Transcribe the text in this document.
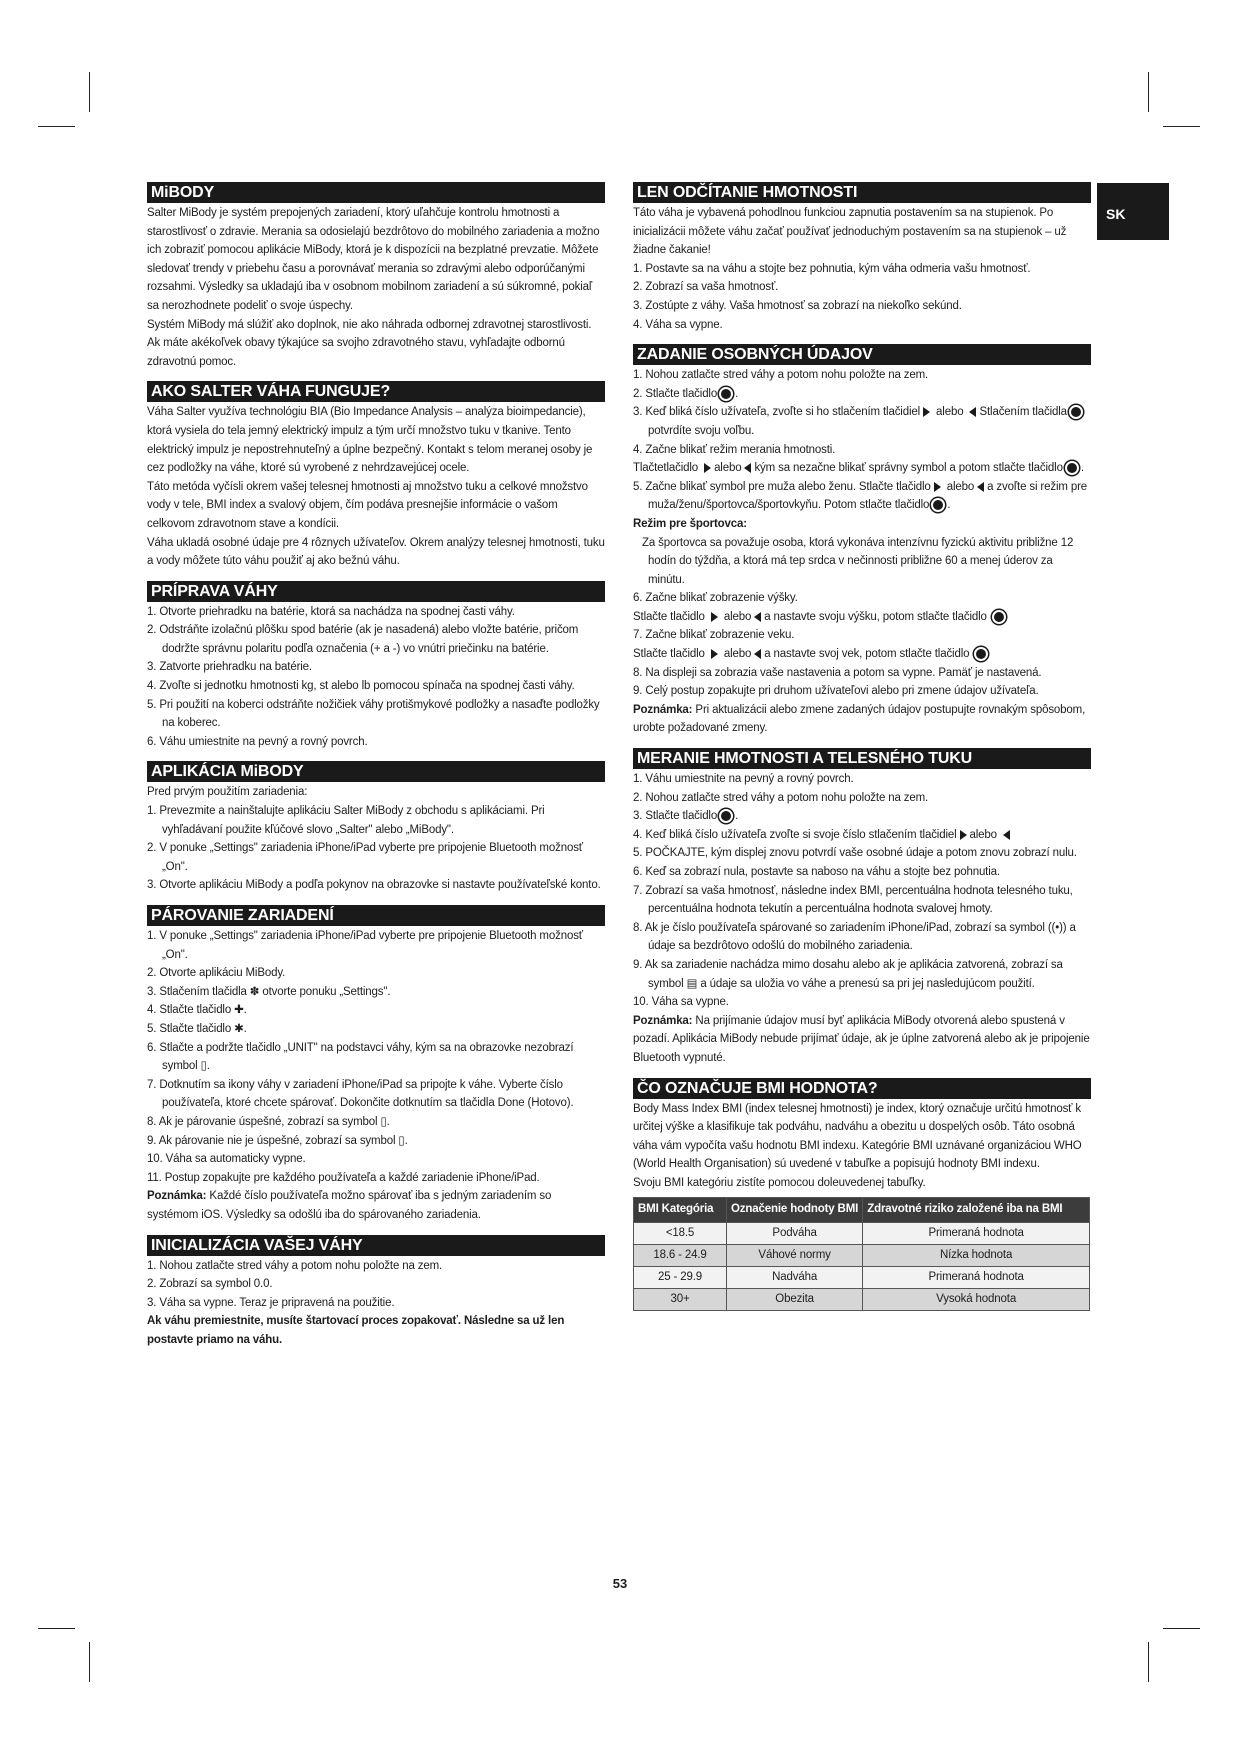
SK
MiBODY

Salter MiBody je systém prepojených zariadení, ktorý uľahčuje kontrolu hmotnosti a starostlivosť o zdravie. Merania sa odosielajú bezdrôtovo do mobilného zariadenia a možno ich zobraziť pomocou aplikácie MiBody, ktorá je k dispozícii na bezplatné prevzatie. Môžete sledovať trendy v priebehu času a porovnávať merania so zdravými alebo odporúčanými rozsahmi. Výsledky sa ukladajú iba v osobnom mobilnom zariadení a sú súkromné, pokiaľ sa nerozhodnete podeliť o svoje úspechy.

Systém MiBody má slúžiť ako doplnok, nie ako náhrada odbornej zdravotnej starostlivosti. Ak máte akékoľvek obavy týkajúce sa svojho zdravotného stavu, vyhľadajte odbornú zdravotnú pomoc.

AKO SALTER VÁHA FUNGUJE?

Váha Salter využíva technológiu BIA (Bio Impedance Analysis – analýza bioimpedancie), ktorá vysiela do tela jemný elektrický impulz a tým určí množstvo tuku v tkanive. Tento elektrický impulz je nepostrehnuteľný a úplne bezpečný. Kontakt s telom meranej osoby je cez podložky na váhe, ktoré sú vyrobené z nehrdzavejúcej ocele.

Táto metóda vyčísli okrem vašej telesnej hmotnosti aj množstvo tuku a celkové množstvo vody v tele, BMI index a svalový objem, čím podáva presnejšie informácie o vašom celkovom zdravotnom stave a kondícii.

Váha ukladá osobné údaje pre 4 rôznych užívateľov. Okrem analýzy telesnej hmotnosti, tuku a vody môžete túto váhu použiť aj ako bežnú váhu.

PRÍPRAVA VÁHY
1. Otvorte priehradku na batérie, ktorá sa nachádza na spodnej časti váhy.
2. Odstráňte izolačnú plôšku spod batérie (ak je nasadená) alebo vložte batérie, pričom dodržte správnu polaritu podľa označenia (+ a -) vo vnútri priečinku na batérie.
3. Zatvorte priehradku na batérie.
4. Zvoľte si jednotku hmotnosti kg, st alebo lb pomocou spínača na spodnej časti váhy.
5. Pri použití na koberci odstráňte nožičiek váhy protišmykové podložky a nasaďte podložky na koberec.
6. Váhu umiestnite na pevný a rovný povrch.
APLIKÁCIA MiBODY

Pred prvým použitím zariadenia:

1. Prevezmite a nainštalujte aplikáciu Salter MiBody z obchodu s aplikáciami. Pri vyhľadávaní použite kľúčové slovo „Salter" alebo „MiBody".
2. V ponuke „Settings" zariadenia iPhone/iPad vyberte pre pripojenie Bluetooth možnosť „On".
3. Otvorte aplikáciu MiBody a podľa pokynov na obrazovke si nastavte používateľské konto.
PÁROVANIE ZARIADENÍ
1. V ponuke „Settings" zariadenia iPhone/iPad vyberte pre pripojenie Bluetooth možnosť „On".
2. Otvorte aplikáciu MiBody.
3. Stlačením tlačidla ✽ otvorte ponuku „Settings".
4. Stlačte tlačidlo ✚.
5. Stlačte tlačidlo ✱.
6. Stlačte a podržte tlačidlo „UNIT" na podstavci váhy, kým sa na obrazovke nezobrazí symbol ▯.
7. Dotknutím sa ikony váhy v zariadení iPhone/iPad sa pripojte k váhe. Vyberte číslo používateľa, ktoré chcete spárovať. Dokončite dotknutím sa tlačidla Done (Hotovo).
8. Ak je párovanie úspešné, zobrazí sa symbol ▯.
9. Ak párovanie nie je úspešné, zobrazí sa symbol ▯.
10. Váha sa automaticky vypne.
11. Postup zopakujte pre každého používateľa a každé zariadenie iPhone/iPad.

Poznámka: Každé číslo používateľa možno spárovať iba s jedným zariadením so systémom iOS. Výsledky sa odošlú iba do spárovaného zariadenia.

INICIALIZÁCIA VAŠEJ VÁHY
1. Nohou zatlačte stred váhy a potom nohu položte na zem.
2. Zobrazí sa symbol 0.0.
3. Váha sa vypne. Teraz je pripravená na použitie.

Ak váhu premiestnite, musíte štartovací proces zopakovať. Následne sa už len postavte priamo na váhu.

LEN ODČÍTANIE HMOTNOSTI

Táto váha je vybavená pohodlnou funkciou zapnutia postavením sa na stupienok. Po inicializácii môžete váhu začať používať jednoduchým postavením sa na stupienok – už žiadne čakanie!

1. Postavte sa na váhu a stojte bez pohnutia, kým váha odmeria vašu hmotnosť.
2. Zobrazí sa vaša hmotnosť.
3. Zostúpte z váhy. Vaša hmotnosť sa zobrazí na niekoľko sekúnd.
4. Váha sa vypne.
ZADANIE OSOBNÝCH ÚDAJOV
1. Nohou zatlačte stred váhy a potom nohu položte na zem.
2. Stlačte tlačidlo .
3. Keď bliká číslo užívateľa, zvoľte si ho stlačením tlačidiel alebo Stlačením tlačidla potvrdíte svoju voľbu.
4. Začne blikať režim merania hmotnosti.

Tlačtetlačidlo alebo kým sa nezačne blikať správny symbol a potom stlačte tlačidlo .

5. Začne blikať symbol pre muža alebo ženu. Stlačte tlačidlo alebo a zvoľte si režim pre muža/ženu/športovca/športovkyňu. Potom stlačte tlačidlo .

Režim pre športovca:

Za športovca sa považuje osoba, ktorá vykonáva intenzívnu fyzickú aktivitu približne 12 hodín do týždňa, a ktorá má tep srdca v nečinnosti približne 60 a menej úderov za minútu.

6. Začne blikať zobrazenie výšky.

Stlačte tlačidlo alebo a nastavte svoju výšku, potom stlačte tlačidlo

7. Začne blikať zobrazenie veku.

Stlačte tlačidlo alebo a nastavte svoj vek, potom stlačte tlačidlo

8. Na displeji sa zobrazia vaše nastavenia a potom sa vypne. Pamäť je nastavená.
9. Celý postup zopakujte pri druhom užívateľovi alebo pri zmene údajov užívateľa.

Poznámka: Pri aktualizácii alebo zmene zadaných údajov postupujte rovnakým spôsobom, urobte požadované zmeny.

MERANIE HMOTNOSTI A TELESNÉHO TUKU
1. Váhu umiestnite na pevný a rovný povrch.
2. Nohou zatlačte stred váhy a potom nohu položte na zem.
3. Stlačte tlačidlo .
4. Keď bliká číslo užívateľa zvoľte si svoje číslo stlačením tlačidiel alebo
5. POČKAJTE, kým displej znovu potvrdí vaše osobné údaje a potom znovu zobrazí nulu.
6. Keď sa zobrazí nula, postavte sa naboso na váhu a stojte bez pohnutia.
7. Zobrazí sa vaša hmotnosť, následne index BMI, percentuálna hodnota telesného tuku, percentuálna hodnota tekutín a percentuálna hodnota svalovej hmoty.
8. Ak je číslo používateľa spárované so zariadením iPhone/iPad, zobrazí sa symbol ((•)) a údaje sa bezdrôtovo odošlú do mobilného zariadenia.
9. Ak sa zariadenie nachádza mimo dosahu alebo ak je aplikácia zatvorená, zobrazí sa symbol ▤ a údaje sa uložia vo váhe a prenesú sa pri jej nasledujúcom použití.
10. Váha sa vypne.

Poznámka: Na prijímanie údajov musí byť aplikácia MiBody otvorená alebo spustená v pozadí. Aplikácia MiBody nebude prijímať údaje, ak je úplne zatvorená alebo ak je pripojenie Bluetooth vypnuté.

ČO OZNAČUJE BMI HODNOTA?

Body Mass Index BMI (index telesnej hmotnosti) je index, ktorý označuje určitú hmotnosť k určitej výške a klasifikuje tak podváhu, nadváhu a obezitu u dospelých osôb. Táto osobná váha vám vypočíta vašu hodnotu BMI indexu. Kategórie BMI uznávané organizáciou WHO (World Health Organisation) sú uvedené v tabuľke a popisujú hodnoty BMI indexu.

Svoju BMI kategóriu zistíte pomocou doleuvedenej tabuľky.

BMI Kategória	Označenie hodnoty BMI	Zdravotné riziko založené iba na BMI
<18.5	Podváha	Primeraná hodnota
18.6 - 24.9	Váhové normy	Nízka hodnota
25 - 29.9	Nadváha	Primeraná hodnota
30+	Obezita	Vysoká hodnota
53
